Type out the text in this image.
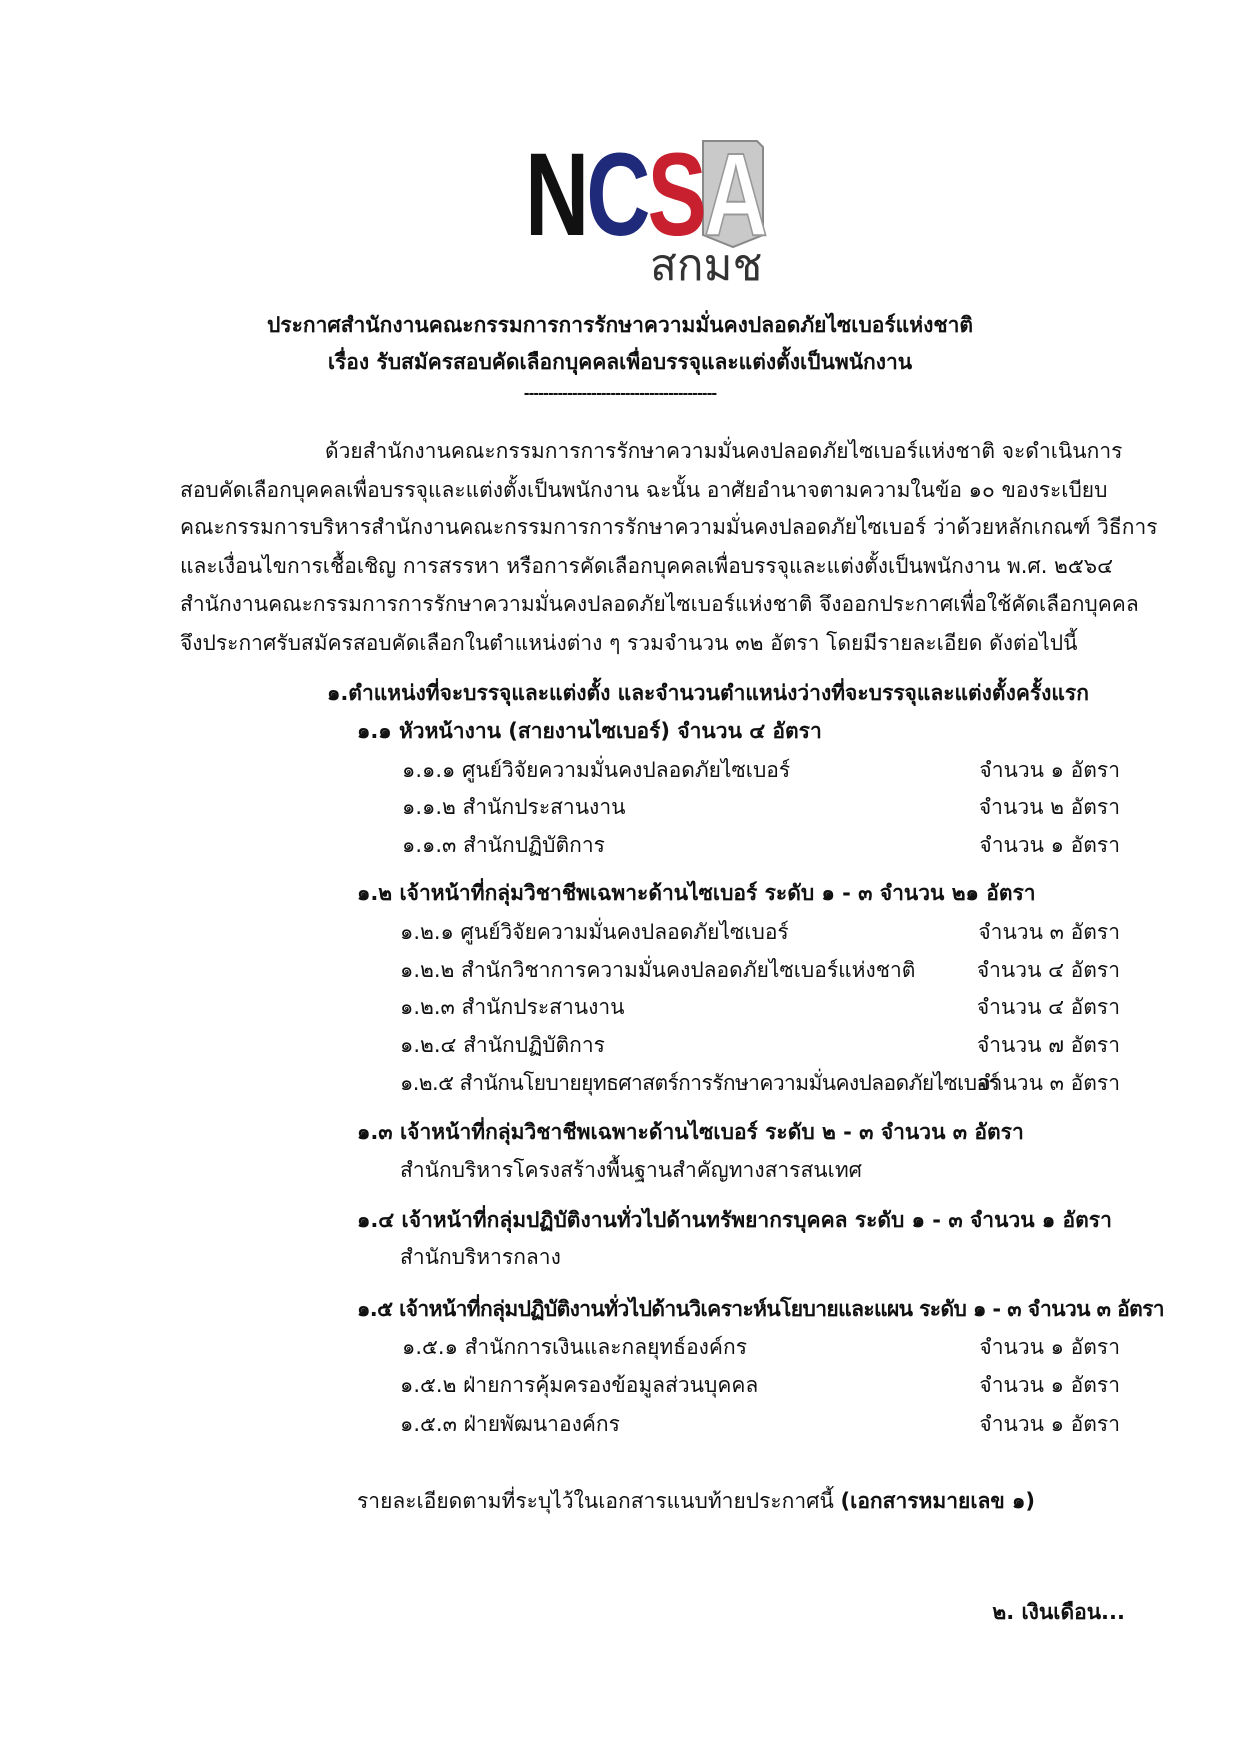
NCSA
สกมช
ประกาศสำนักงานคณะกรรมการการรักษาความมั่นคงปลอดภัยไซเบอร์แห่งชาติ
เรื่อง รับสมัครสอบคัดเลือกบุคคลเพื่อบรรจุและแต่งตั้งเป็นพนักงาน
----------------------------------------
ด้วยสำนักงานคณะกรรมการการรักษาความมั่นคงปลอดภัยไซเบอร์แห่งชาติ จะดำเนินการ
สอบคัดเลือกบุคคลเพื่อบรรจุและแต่งตั้งเป็นพนักงาน ฉะนั้น อาศัยอำนาจตามความในข้อ ๑๐ ของระเบียบ
คณะกรรมการบริหารสำนักงานคณะกรรมการการรักษาความมั่นคงปลอดภัยไซเบอร์ ว่าด้วยหลักเกณฑ์ วิธีการ
และเงื่อนไขการเชื้อเชิญ การสรรหา หรือการคัดเลือกบุคคลเพื่อบรรจุและแต่งตั้งเป็นพนักงาน พ.ศ. ๒๕๖๔
สำนักงานคณะกรรมการการรักษาความมั่นคงปลอดภัยไซเบอร์แห่งชาติ จึงออกประกาศเพื่อใช้คัดเลือกบุคคล
จึงประกาศรับสมัครสอบคัดเลือกในตำแหน่งต่าง ๆ รวมจำนวน ๓๒ อัตรา โดยมีรายละเอียด ดังต่อไปนี้
๑.ตำแหน่งที่จะบรรจุและแต่งตั้ง และจำนวนตำแหน่งว่างที่จะบรรจุและแต่งตั้งครั้งแรก
๑.๑ หัวหน้างาน (สายงานไซเบอร์) จำนวน ๔ อัตรา
๑.๑.๑ ศูนย์วิจัยความมั่นคงปลอดภัยไซเบอร์	จำนวน ๑ อัตรา
๑.๑.๒ สำนักประสานงาน	จำนวน ๒ อัตรา
๑.๑.๓ สำนักปฏิบัติการ	จำนวน ๑ อัตรา
๑.๒ เจ้าหน้าที่กลุ่มวิชาชีพเฉพาะด้านไซเบอร์ ระดับ ๑ - ๓ จำนวน ๒๑ อัตรา
๑.๒.๑ ศูนย์วิจัยความมั่นคงปลอดภัยไซเบอร์	จำนวน ๓ อัตรา
๑.๒.๒ สำนักวิชาการความมั่นคงปลอดภัยไซเบอร์แห่งชาติ	จำนวน ๔ อัตรา
๑.๒.๓ สำนักประสานงาน	จำนวน ๔ อัตรา
๑.๒.๔ สำนักปฏิบัติการ	จำนวน ๗ อัตรา
๑.๒.๕ สำนักนโยบายยุทธศาสตร์การรักษาความมั่นคงปลอดภัยไซเบอร์
จำนวน ๓ อัตรา
๑.๓ เจ้าหน้าที่กลุ่มวิชาชีพเฉพาะด้านไซเบอร์ ระดับ ๒ - ๓ จำนวน ๓ อัตรา
สำนักบริหารโครงสร้างพื้นฐานสำคัญทางสารสนเทศ
๑.๔ เจ้าหน้าที่กลุ่มปฏิบัติงานทั่วไปด้านทรัพยากรบุคคล ระดับ ๑ - ๓ จำนวน ๑ อัตรา
สำนักบริหารกลาง
๑.๕ เจ้าหน้าที่กลุ่มปฏิบัติงานทั่วไปด้านวิเคราะห์นโยบายและแผน ระดับ ๑ - ๓ จำนวน ๓ อัตรา
๑.๕.๑ สำนักการเงินและกลยุทธ์องค์กร	จำนวน ๑ อัตรา
๑.๕.๒ ฝ่ายการคุ้มครองข้อมูลส่วนบุคคล	จำนวน ๑ อัตรา
๑.๕.๓ ฝ่ายพัฒนาองค์กร	จำนวน ๑ อัตรา
รายละเอียดตามที่ระบุไว้ในเอกสารแนบท้ายประกาศนี้ (เอกสารหมายเลข ๑)
๒. เงินเดือน...
